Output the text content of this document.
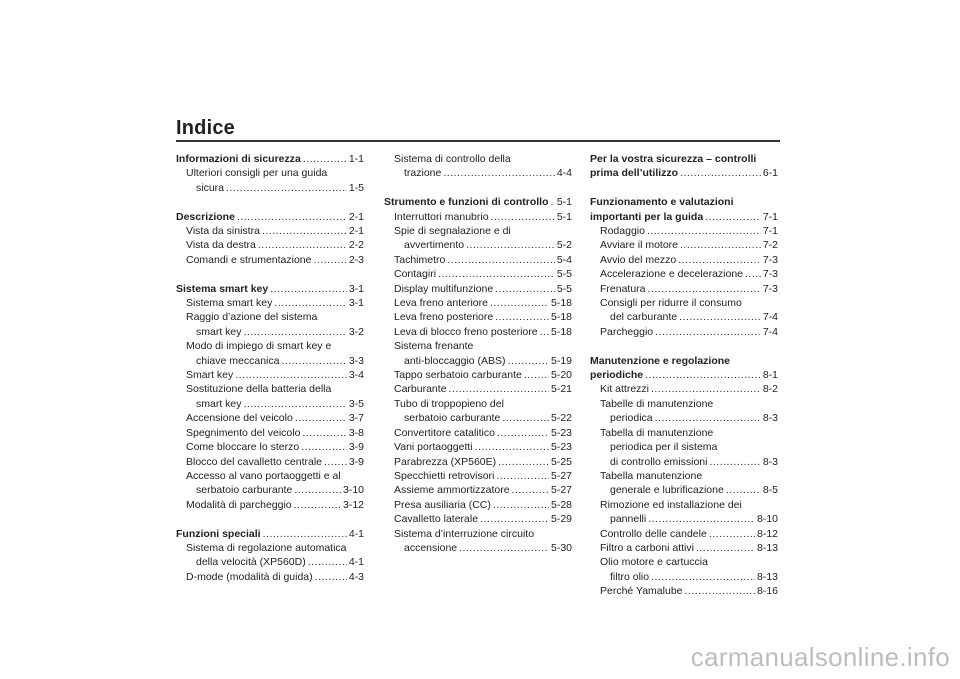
Indice
Informazioni di sicurezza .....	1-1
Ulteriori consigli per una guida
sicura .....	1-5
Descrizione .....	2-1
Vista da sinistra .....	2-1
Vista da destra .....	2-2
Comandi e strumentazione .....	2-3
Sistema smart key .....	3-1
Sistema smart key .....	3-1
Raggio d’azione del sistema
smart key .....	3-2
Modo di impiego di smart key e
chiave meccanica .....	3-3
Smart key .....	3-4
Sostituzione della batteria della
smart key .....	3-5
Accensione del veicolo .....	3-7
Spegnimento del veicolo .....	3-8
Come bloccare lo sterzo .....	3-9
Blocco del cavalletto centrale .....	3-9
Accesso al vano portaoggetti e al
serbatoio carburante .....	3-10
Modalità di parcheggio .....	3-12
Funzioni speciali .....	4-1
Sistema di regolazione automatica
della velocità (XP560D) .....	4-1
D-mode (modalità di guida) .....	4-3
Sistema di controllo della
trazione .....	4-4
Strumento e funzioni di controllo ..... 5-1
Interruttori manubrio .....	5-1
Spie di segnalazione e di
avvertimento .....	5-2
Tachimetro .....	5-4
Contagiri .....	5-5
Display multifunzione .....	5-5
Leva freno anteriore .....	5-18
Leva freno posteriore .....	5-18
Leva di blocco freno posteriore ..... 5-18
Sistema frenante
anti-bloccaggio (ABS) .....	5-19
Tappo serbatoio carburante .....	5-20
Carburante .....	5-21
Tubo di troppopieno del
serbatoio carburante .....	5-22
Convertitore catalitico .....	5-23
Vani portaoggetti .....	5-23
Parabrezza (XP560E) .....	5-25
Specchietti retrovisori .....	5-27
Assieme ammortizzatore .....	5-27
Presa ausiliaria (CC) .....	5-28
Cavalletto laterale .....	5-29
Sistema d’interruzione circuito
accensione .....	5-30
Per la vostra sicurezza – controlli
prima dell’utilizzo .....	6-1
Funzionamento e valutazioni
importanti per la guida .....	7-1
Rodaggio .....	7-1
Avviare il motore .....	7-2
Avvio del mezzo .....	7-3
Accelerazione e decelerazione ..... 7-3
Frenatura .....	7-3
Consigli per ridurre il consumo
del carburante .....	7-4
Parcheggio .....	7-4
Manutenzione e regolazione
periodiche .....	8-1
Kit attrezzi .....	8-2
Tabelle di manutenzione
periodica .....	8-3
Tabella di manutenzione
periodica per il sistema
di controllo emissioni .....	8-3
Tabella manutenzione
generale e lubrificazione .....	8-5
Rimozione ed installazione dei
pannelli .....	8-10
Controllo delle candele .....	8-12
Filtro a carboni attivi .....	8-13
Olio motore e cartuccia
filtro olio .....	8-13
Perché Yamalube .....	8-16
carmanualsonline.info
